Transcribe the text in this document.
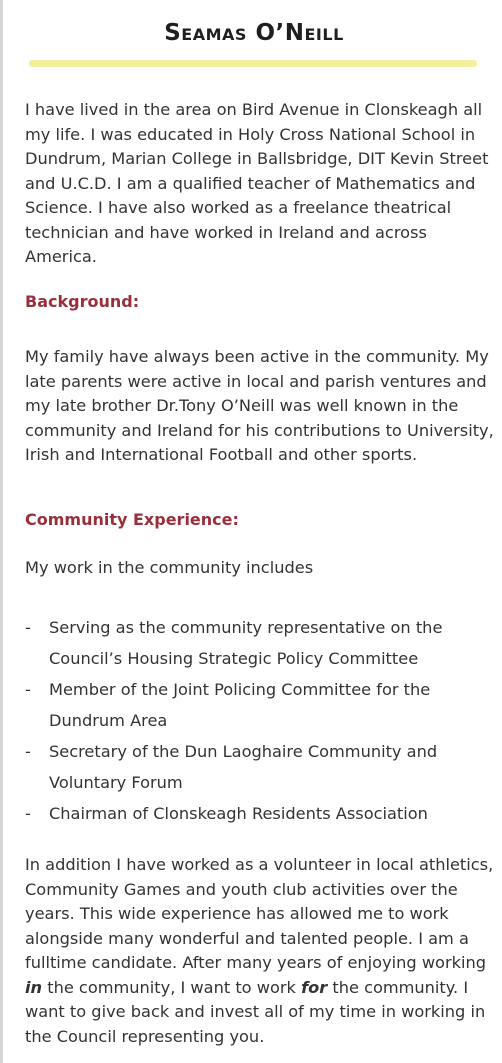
Seamas O’Neill
I have lived in the area on Bird Avenue in Clonskeagh all my life. I was educated in Holy Cross National School in Dundrum, Marian College in Ballsbridge, DIT Kevin Street and U.C.D. I am a qualified teacher of Mathematics and Science. I have also worked as a freelance theatrical technician and have worked in Ireland and across America.
Background:
My family have always been active in the community. My late parents were active in local and parish ventures and my late brother Dr.Tony O’Neill was well known in the community and Ireland for his contributions to University, Irish and International Football and other sports.
Community Experience:
My work in the community includes
- Serving as the community representative on the Council’s Housing Strategic Policy Committee
- Member of the Joint Policing Committee for the Dundrum Area
- Secretary of the Dun Laoghaire Community and Voluntary Forum
- Chairman of Clonskeagh Residents Association
In addition I have worked as a volunteer in local athletics, Community Games and youth club activities over the years. This wide experience has allowed me to work alongside many wonderful and talented people. I am a fulltime candidate. After many years of enjoying working in the community, I want to work for the community. I want to give back and invest all of my time in working in the Council representing you.
